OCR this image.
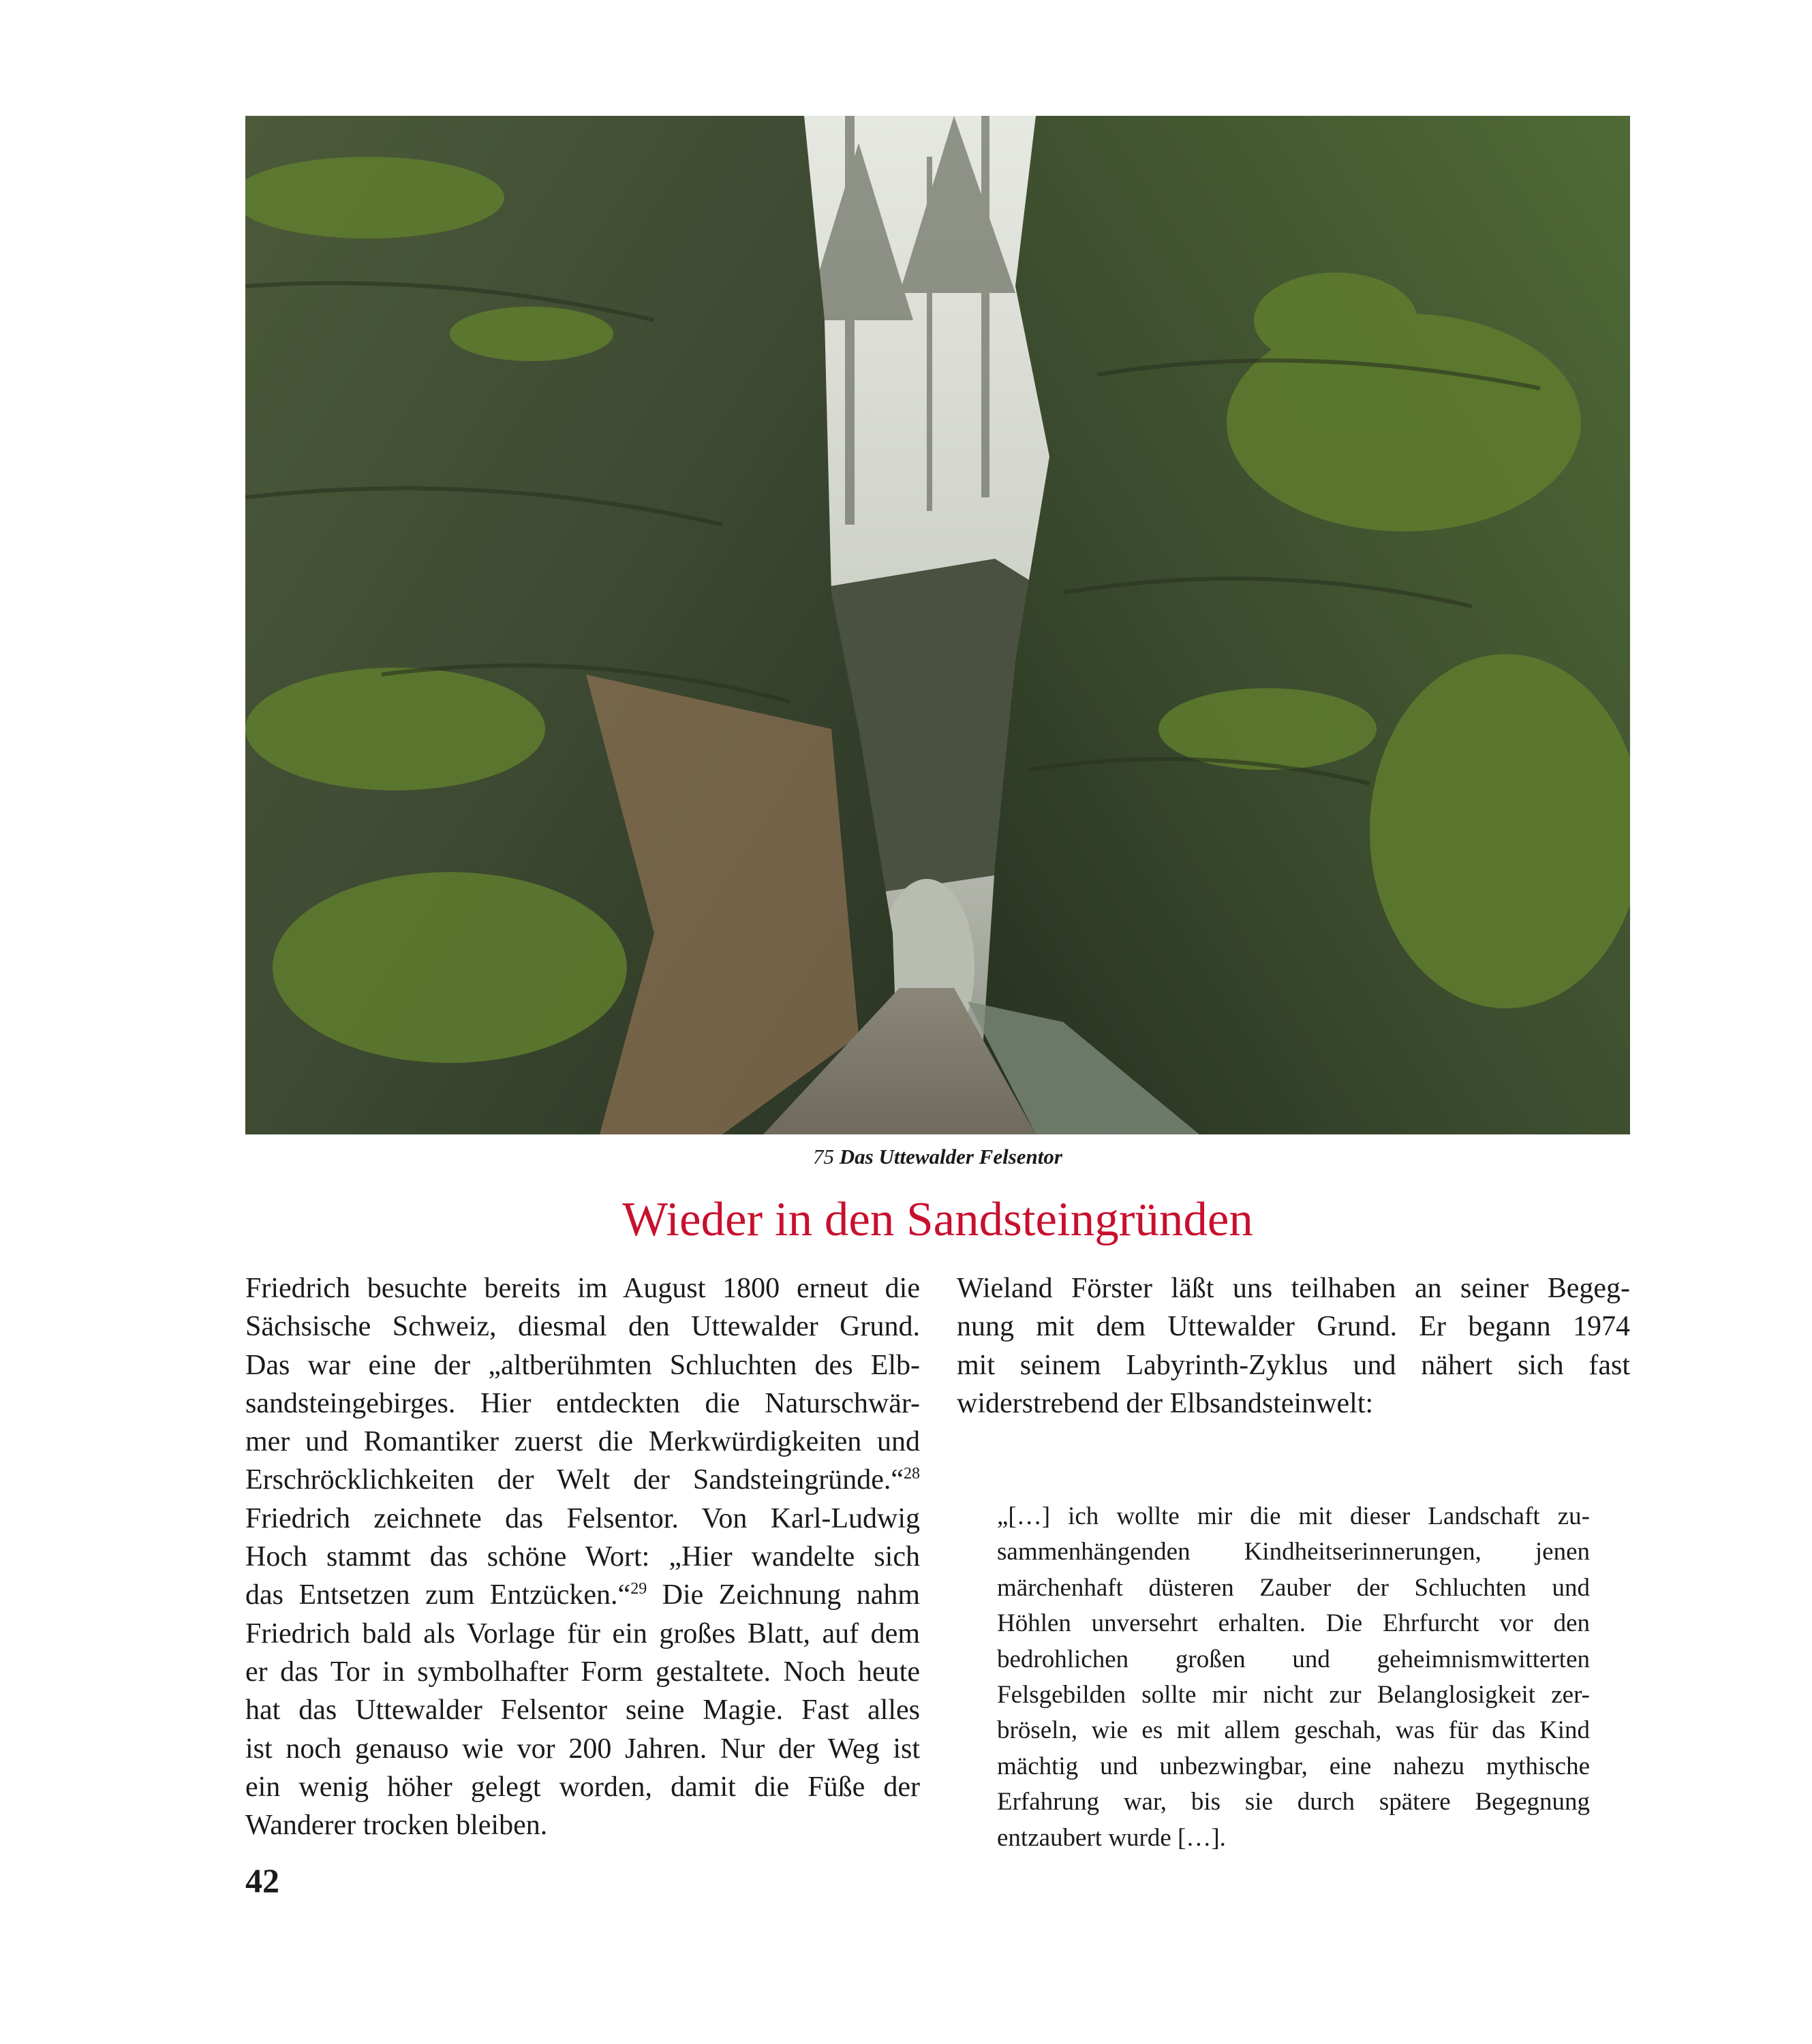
75 Das Uttewalder Felsentor
Wieder in den Sandsteingründen
Friedrich besuchte bereits im August 1800 erneut die
Sächsische Schweiz, diesmal den Uttewalder Grund.
Das war eine der „altberühmten Schluchten des Elb-
sandsteingebirges. Hier entdeckten die Naturschwär-
mer und Romantiker zuerst die Merkwürdigkeiten und
Erschröcklichkeiten der Welt der Sandsteingründe.“$^{28}$
Friedrich zeichnete das Felsentor. Von Karl-Ludwig
Hoch stammt das schöne Wort: „Hier wandelte sich
das Entsetzen zum Entzücken.“$^{29}$ Die Zeichnung nahm
Friedrich bald als Vorlage für ein großes Blatt, auf dem
er das Tor in symbolhafter Form gestaltete. Noch heute
hat das Uttewalder Felsentor seine Magie. Fast alles
ist noch genauso wie vor 200 Jahren. Nur der Weg ist
ein wenig höher gelegt worden, damit die Füße der
Wanderer trocken bleiben.
Wieland Förster läßt uns teilhaben an seiner Begeg-
nung mit dem Uttewalder Grund. Er begann 1974
mit seinem Labyrinth-Zyklus und nähert sich fast
widerstrebend der Elbsandsteinwelt:
„[…] ich wollte mir die mit dieser Landschaft zu-
sammenhängenden Kindheitserinnerungen, jenen
märchenhaft düsteren Zauber der Schluchten und
Höhlen unversehrt erhalten. Die Ehrfurcht vor den
bedrohlichen großen und geheimnismwitterten
Felsgebilden sollte mir nicht zur Belanglosigkeit zer-
bröseln, wie es mit allem geschah, was für das Kind
mächtig und unbezwingbar, eine nahezu mythische
Erfahrung war, bis sie durch spätere Begegnung
entzaubert wurde […].
42
